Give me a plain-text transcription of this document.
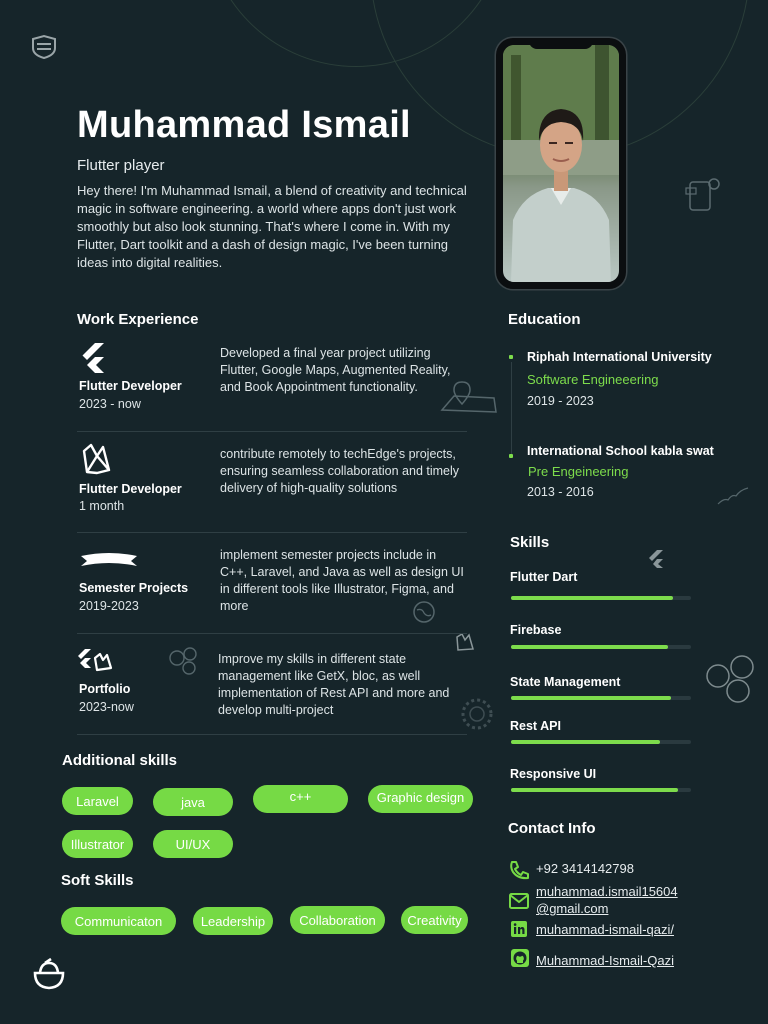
Muhammad Ismail
Flutter player
Hey there! I'm Muhammad Ismail, a blend of creativity and technical magic in software engineering. a world where apps don't just work smoothly but also look stunning. That's where I come in. With my Flutter, Dart toolkit and a dash of design magic, I've been turning ideas into digital realities.
Work Experience
Flutter Developer
2023 - now
Developed a final year project utilizing Flutter, Google Maps, Augmented Reality, and Book Appointment functionality.
Flutter Developer
1 month
contribute remotely to techEdge's projects, ensuring seamless collaboration and timely delivery of high-quality solutions
Semester Projects
2019-2023
implement semester projects include in C++, Laravel, and Java as well as design UI in different tools like Illustrator, Figma, and more
Portfolio
2023-now
Improve my skills in different state management like GetX, bloc, as well implementation of Rest API and more and develop multi-project
Education
Riphah International University
Software Engineeering
2019 - 2023
International School kabla swat
Pre Engeineering
2013 - 2016
Skills
Flutter Dart
Firebase
State Management
Rest API
Responsive UI
Additional skills
Laravel	java	c++	Graphic design
Illustrator	UI/UX
Soft Skills
Communicaton	Leadership	Collaboration	Creativity
Contact Info
+92 3414142798
muhammad.ismail15604
@gmail.com
muhammad-ismail-qazi/
Muhammad-Ismail-Qazi
